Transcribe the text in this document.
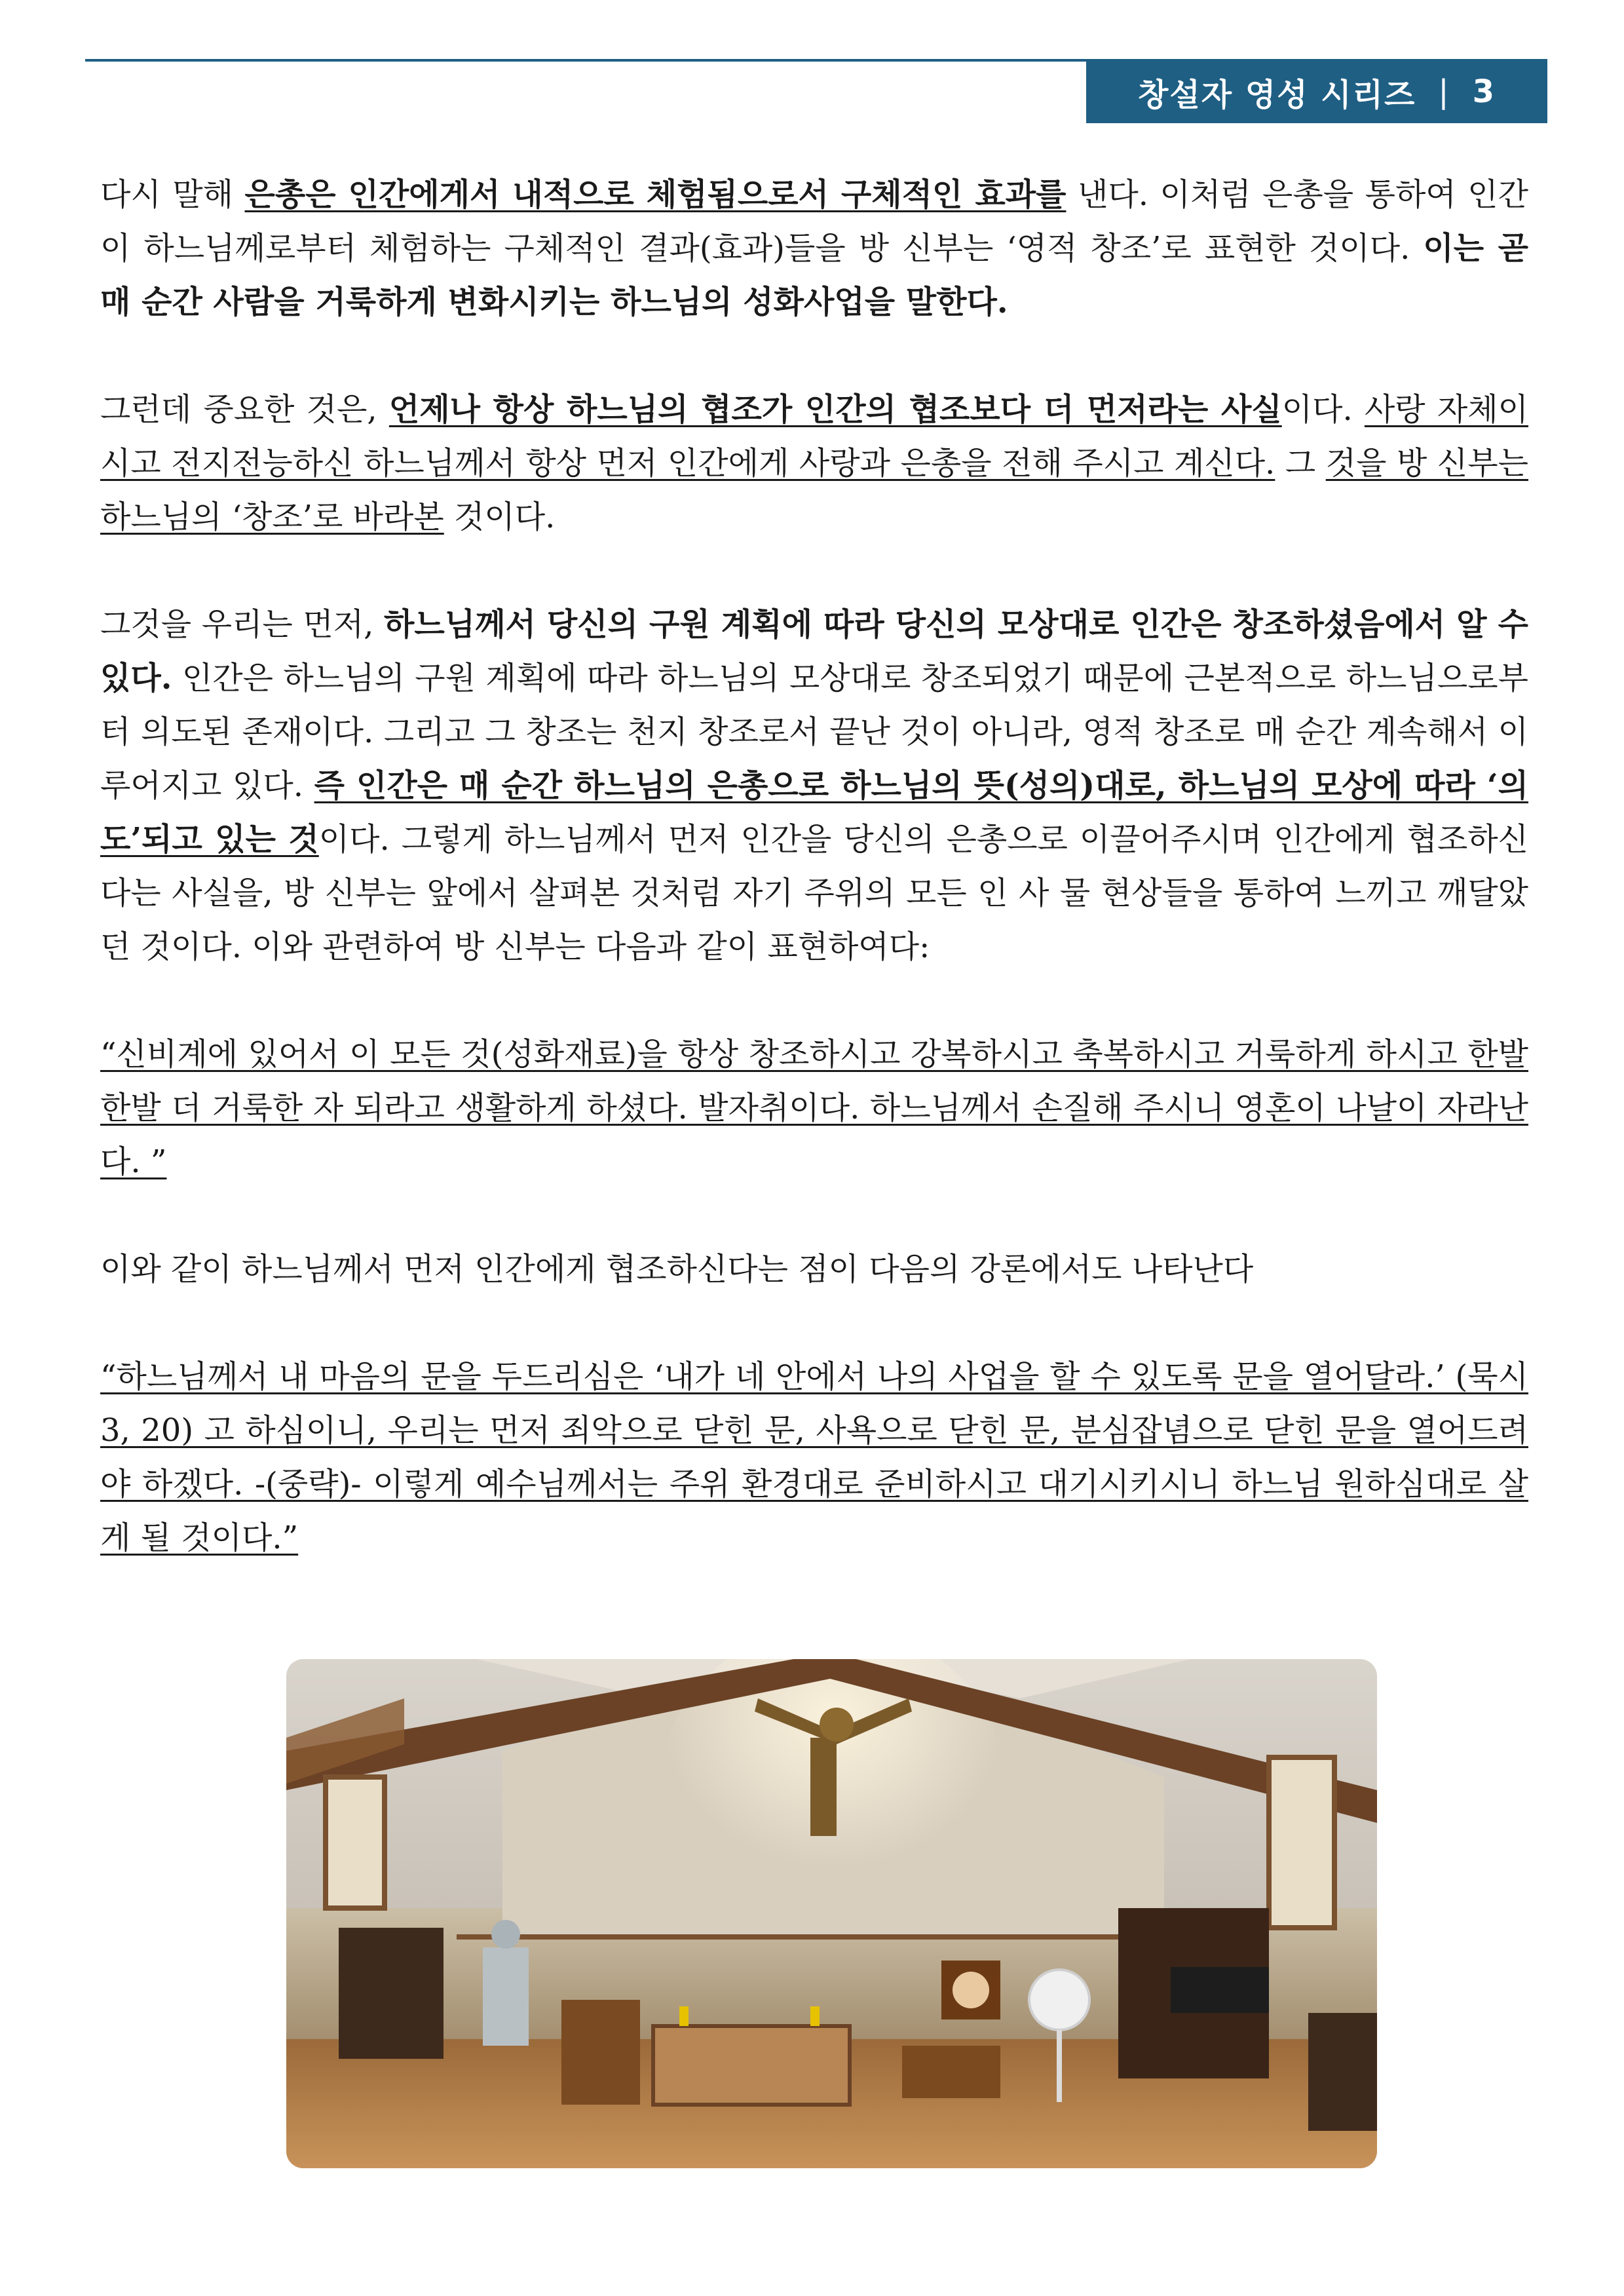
창설자 영성 시리즈 | 3

다시 말해 은총은 인간에게서 내적으로 체험됨으로서 구체적인 효과를 낸다. 이처럼 은총을 통하여 인간이 하느님께로부터 체험하는 구체적인 결과(효과)들을 방 신부는 ‘영적 창조’로 표현한 것이다. 이는 곧 매 순간 사람을 거룩하게 변화시키는 하느님의 성화사업을 말한다.

그런데 중요한 것은, 언제나 항상 하느님의 협조가 인간의 협조보다 더 먼저라는 사실이다. 사랑 자체이시고 전지전능하신 하느님께서 항상 먼저 인간에게 사랑과 은총을 전해 주시고 계신다. 그 것을 방 신부는 하느님의 ‘창조’로 바라본 것이다.

그것을 우리는 먼저, 하느님께서 당신의 구원 계획에 따라 당신의 모상대로 인간은 창조하셨음에서 알 수 있다. 인간은 하느님의 구원 계획에 따라 하느님의 모상대로 창조되었기 때문에 근본적으로 하느님으로부터 의도된 존재이다. 그리고 그 창조는 천지 창조로서 끝난 것이 아니라, 영적 창조로 매 순간 계속해서 이루어지고 있다. 즉 인간은 매 순간 하느님의 은총으로 하느님의 뜻(성의)대로, 하느님의 모상에 따라 ‘의도’되고 있는 것이다. 그렇게 하느님께서 먼저 인간을 당신의 은총으로 이끌어주시며 인간에게 협조하신다는 사실을, 방 신부는 앞에서 살펴본 것처럼 자기 주위의 모든 인 사 물 현상들을 통하여 느끼고 깨달았던 것이다. 이와 관련하여 방 신부는 다음과 같이 표현하여다:

“신비계에 있어서 이 모든 것(성화재료)을 항상 창조하시고 강복하시고 축복하시고 거룩하게 하시고 한발 한발 더 거룩한 자 되라고 생활하게 하셨다. 발자취이다. 하느님께서 손질해 주시니 영혼이 나날이 자라난다. ”

이와 같이 하느님께서 먼저 인간에게 협조하신다는 점이 다음의 강론에서도 나타난다

“하느님께서 내 마음의 문을 두드리심은 ‘내가 네 안에서 나의 사업을 할 수 있도록 문을 열어달라.’ (묵시 3, 20) 고 하심이니, 우리는 먼저 죄악으로 닫힌 문, 사욕으로 닫힌 문, 분심잡념으로 닫힌 문을 열어드려야 하겠다. -(중략)- 이렇게 예수님께서는 주위 환경대로 준비하시고 대기시키시니 하느님 원하심대로 살게 될 것이다.”
